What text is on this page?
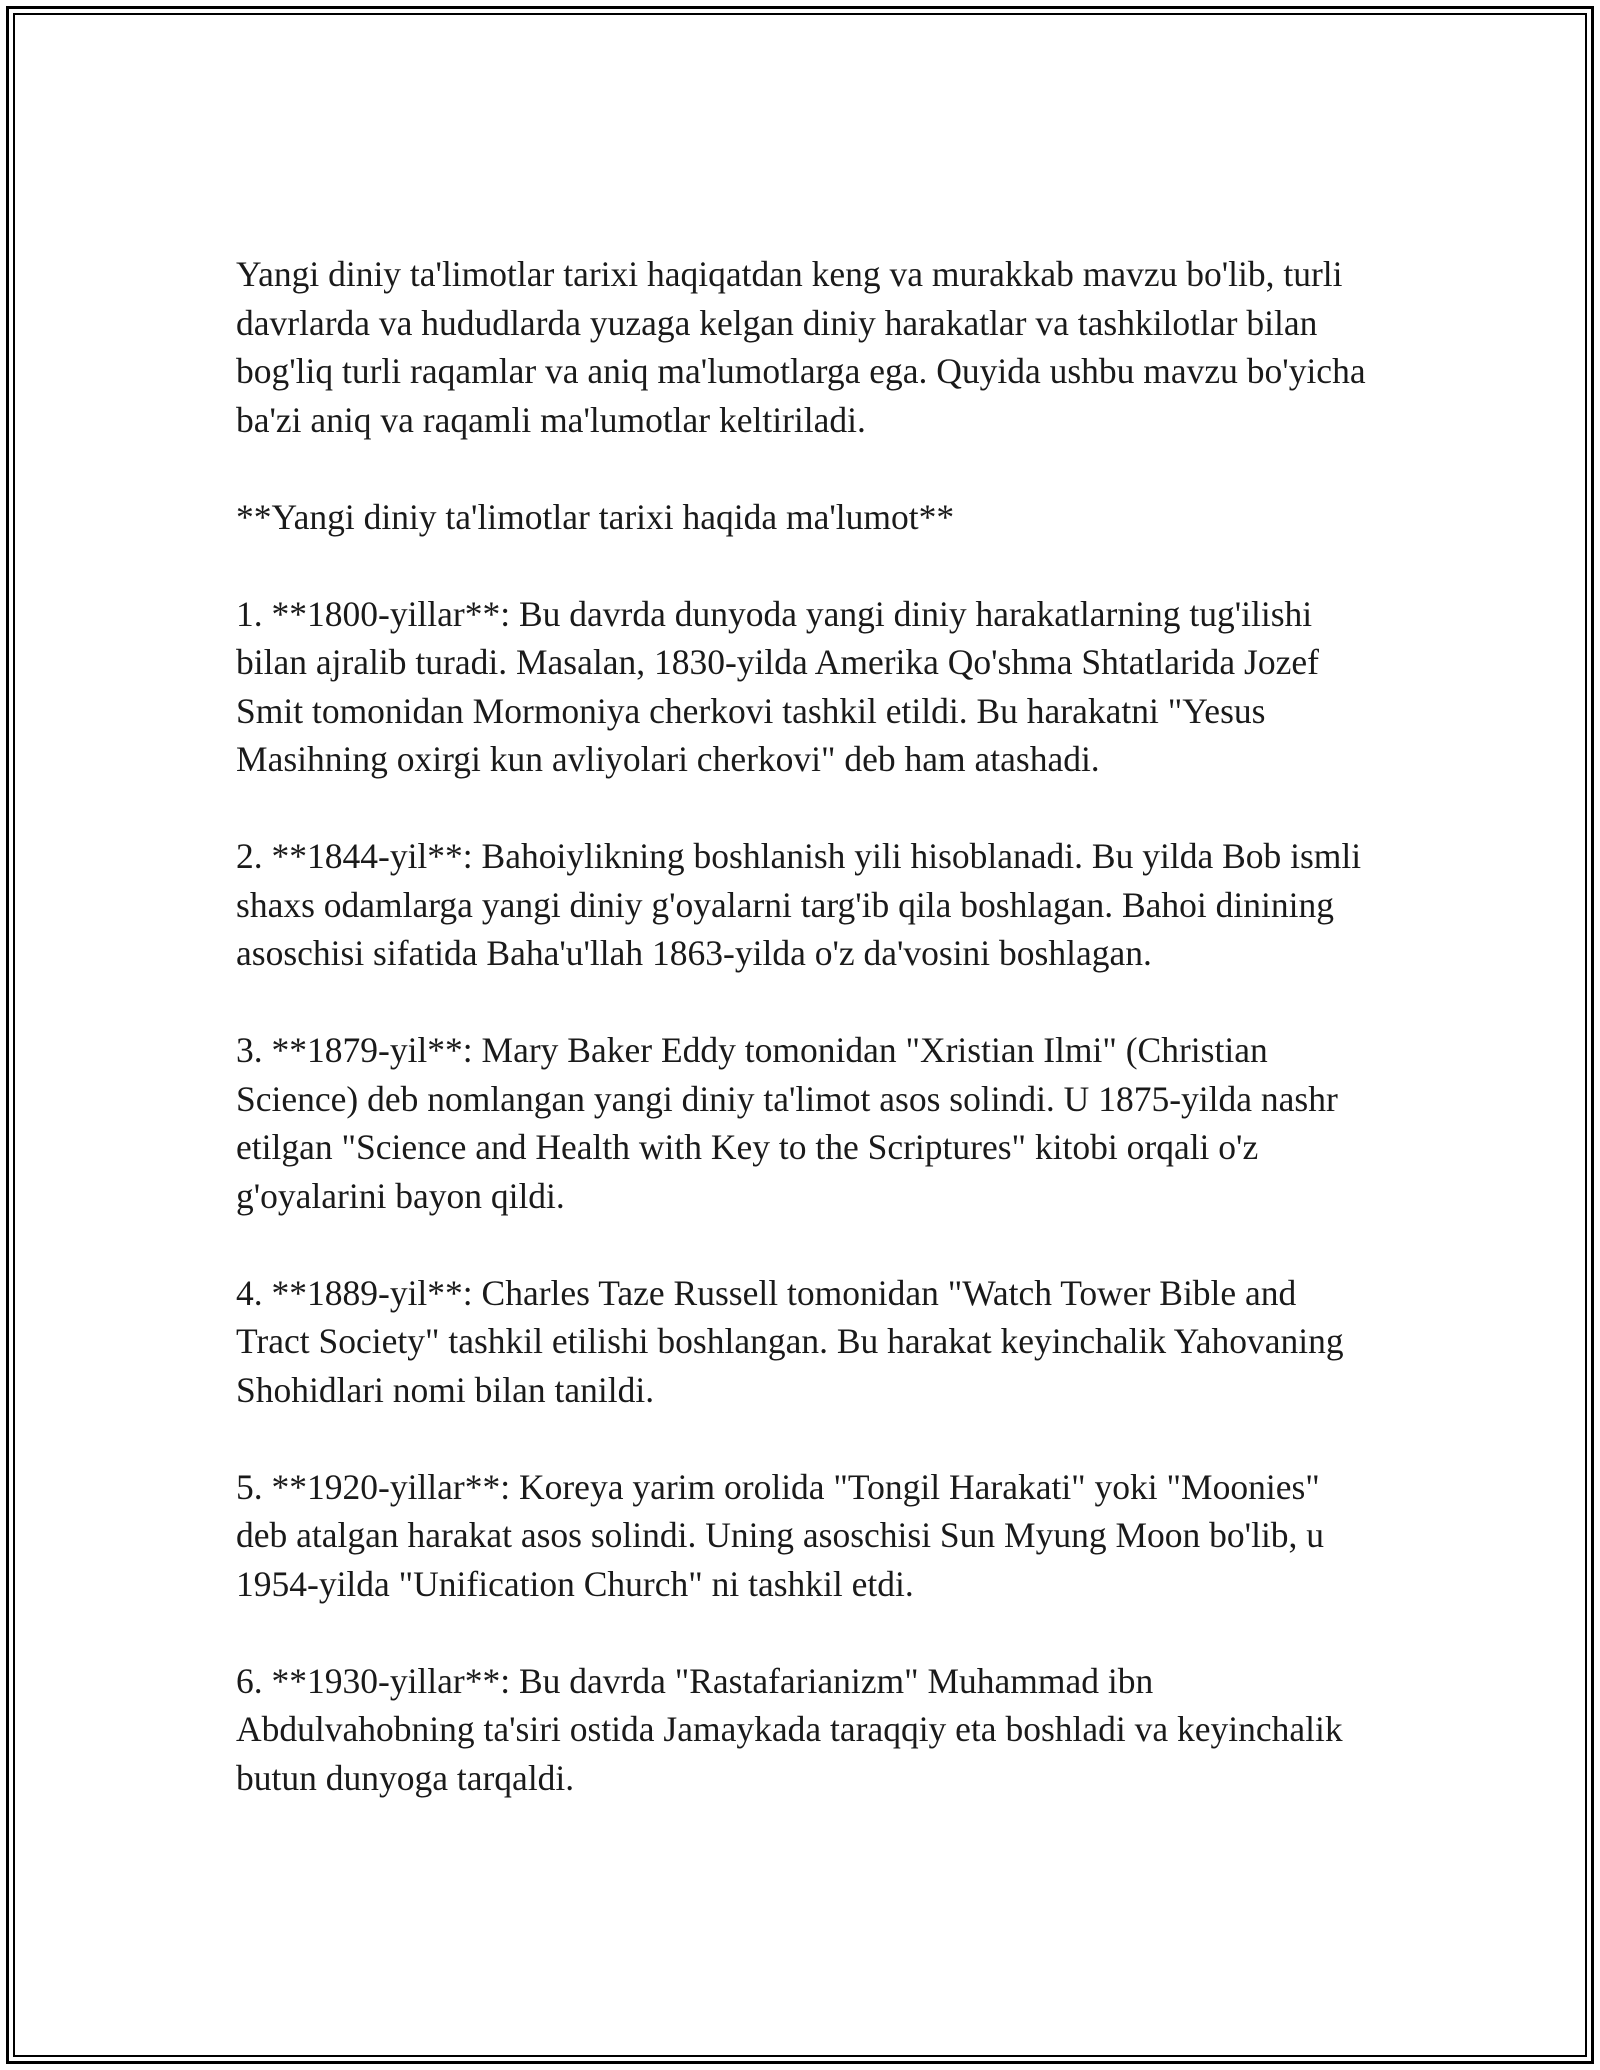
Yangi diniy ta'limotlar tarixi haqiqatdan keng va murakkab mavzu bo'lib, turli davrlarda va hududlarda yuzaga kelgan diniy harakatlar va tashkilotlar bilan bog'liq turli raqamlar va aniq ma'lumotlarga ega. Quyida ushbu mavzu bo'yicha ba'zi aniq va raqamli ma'lumotlar keltiriladi.

**Yangi diniy ta'limotlar tarixi haqida ma'lumot**

1. **1800-yillar**: Bu davrda dunyoda yangi diniy harakatlarning tug'ilishi bilan ajralib turadi. Masalan, 1830-yilda Amerika Qo'shma Shtatlarida Jozef Smit tomonidan Mormoniya cherkovi tashkil etildi. Bu harakatni "Yesus Masihning oxirgi kun avliyolari cherkovi" deb ham atashadi.

2. **1844-yil**: Bahoiylikning boshlanish yili hisoblanadi. Bu yilda Bob ismli shaxs odamlarga yangi diniy g'oyalarni targ'ib qila boshlagan. Bahoi dinining asoschisi sifatida Baha'u'llah 1863-yilda o'z da'vosini boshlagan.

3. **1879-yil**: Mary Baker Eddy tomonidan "Xristian Ilmi" (Christian Science) deb nomlangan yangi diniy ta'limot asos solindi. U 1875-yilda nashr etilgan "Science and Health with Key to the Scriptures" kitobi orqali o'z g'oyalarini bayon qildi.

4. **1889-yil**: Charles Taze Russell tomonidan "Watch Tower Bible and Tract Society" tashkil etilishi boshlangan. Bu harakat keyinchalik Yahovaning Shohidlari nomi bilan tanildi.

5. **1920-yillar**: Koreya yarim orolida "Tongil Harakati" yoki "Moonies" deb atalgan harakat asos solindi. Uning asoschisi Sun Myung Moon bo'lib, u 1954-yilda "Unification Church" ni tashkil etdi.

6. **1930-yillar**: Bu davrda "Rastafarianizm" Muhammad ibn Abdulvahobning ta'siri ostida Jamaykada taraqqiy eta boshladi va keyinchalik butun dunyoga tarqaldi.
